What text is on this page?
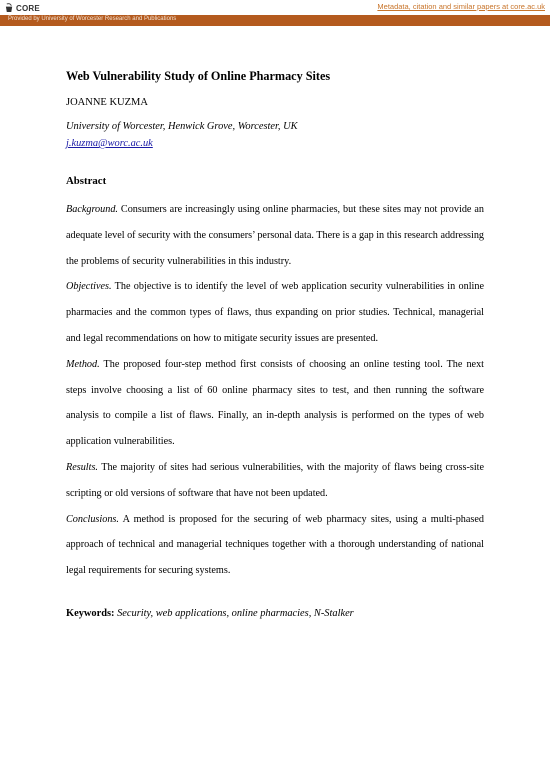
CORE	Metadata, citation and similar papers at core.ac.uk
Provided by University of Worcester Research and Publications
Web Vulnerability Study of Online Pharmacy Sites
JOANNE KUZMA
University of Worcester, Henwick Grove, Worcester, UK
j.kuzma@worc.ac.uk
Abstract

Background. Consumers are increasingly using online pharmacies, but these sites may not provide an adequate level of security with the consumers’ personal data. There is a gap in this research addressing the problems of security vulnerabilities in this industry.

Objectives. The objective is to identify the level of web application security vulnerabilities in online pharmacies and the common types of flaws, thus expanding on prior studies. Technical, managerial and legal recommendations on how to mitigate security issues are presented.

Method. The proposed four-step method first consists of choosing an online testing tool. The next steps involve choosing a list of 60 online pharmacy sites to test, and then running the software analysis to compile a list of flaws. Finally, an in-depth analysis is performed on the types of web application vulnerabilities.

Results. The majority of sites had serious vulnerabilities, with the majority of flaws being cross-site scripting or old versions of software that have not been updated.

Conclusions. A method is proposed for the securing of web pharmacy sites, using a multi-phased approach of technical and managerial techniques together with a thorough understanding of national legal requirements for securing systems.

Keywords: Security, web applications, online pharmacies, N-Stalker
